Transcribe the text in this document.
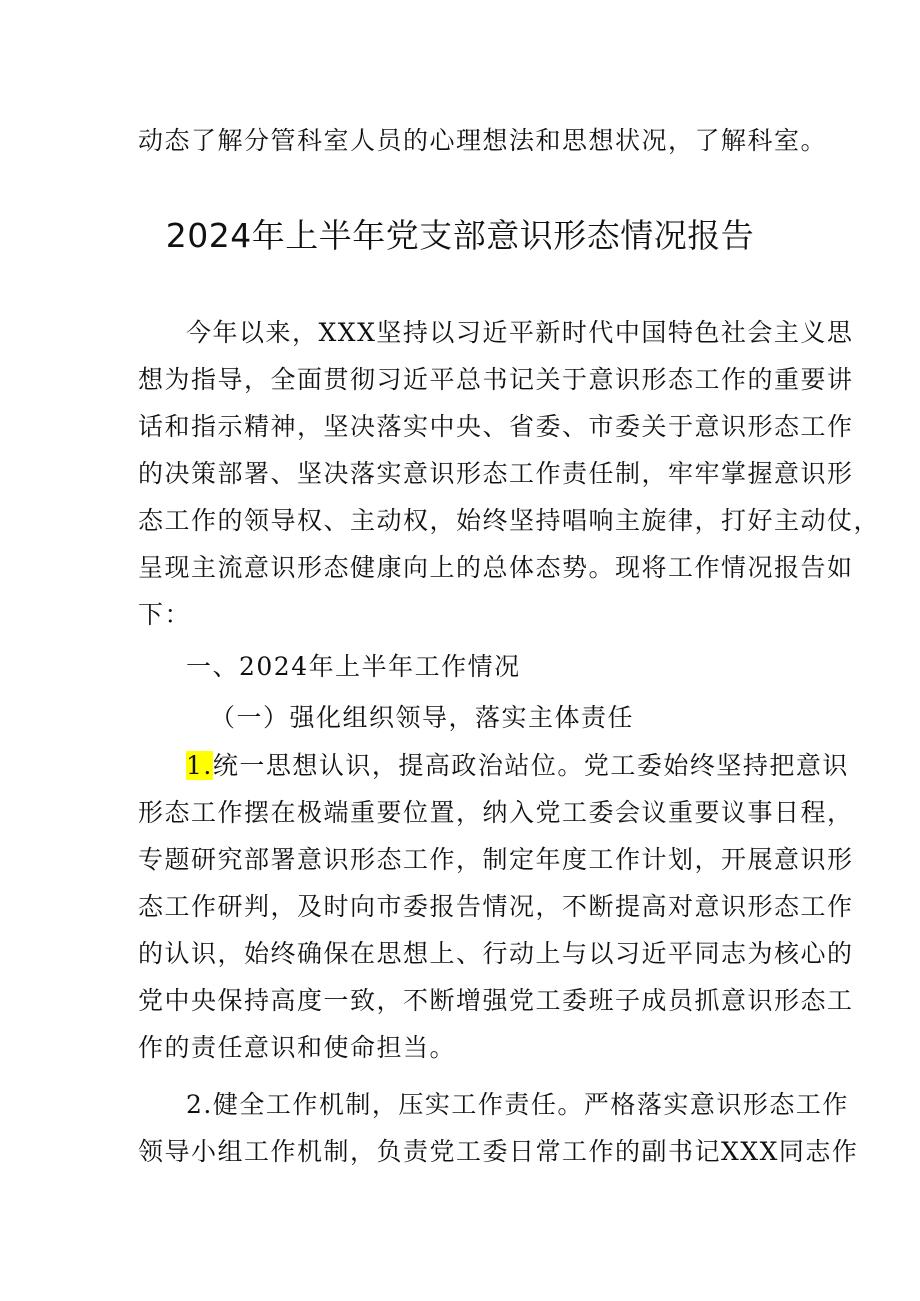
动态了解分管科室人员的心理想法和思想状况，了解科室。
2024年上半年党支部意识形态情况报告
今年以来，XXX坚持以习近平新时代中国特色社会主义思
想为指导，全面贯彻习近平总书记关于意识形态工作的重要讲
话和指示精神，坚决落实中央、省委、市委关于意识形态工作
的决策部署、坚决落实意识形态工作责任制，牢牢掌握意识形
态工作的领导权、主动权，始终坚持唱响主旋律，打好主动仗，
呈现主流意识形态健康向上的总体态势。现将工作情况报告如
下：
一、2024年上半年工作情况
（一）强化组织领导，落实主体责任
1.统一思想认识，提高政治站位。党工委始终坚持把意识
形态工作摆在极端重要位置，纳入党工委会议重要议事日程，
专题研究部署意识形态工作，制定年度工作计划，开展意识形
态工作研判，及时向市委报告情况，不断提高对意识形态工作
的认识，始终确保在思想上、行动上与以习近平同志为核心的
党中央保持高度一致，不断增强党工委班子成员抓意识形态工
作的责任意识和使命担当。
2.健全工作机制，压实工作责任。严格落实意识形态工作
领导小组工作机制，负责党工委日常工作的副书记XXX同志作
